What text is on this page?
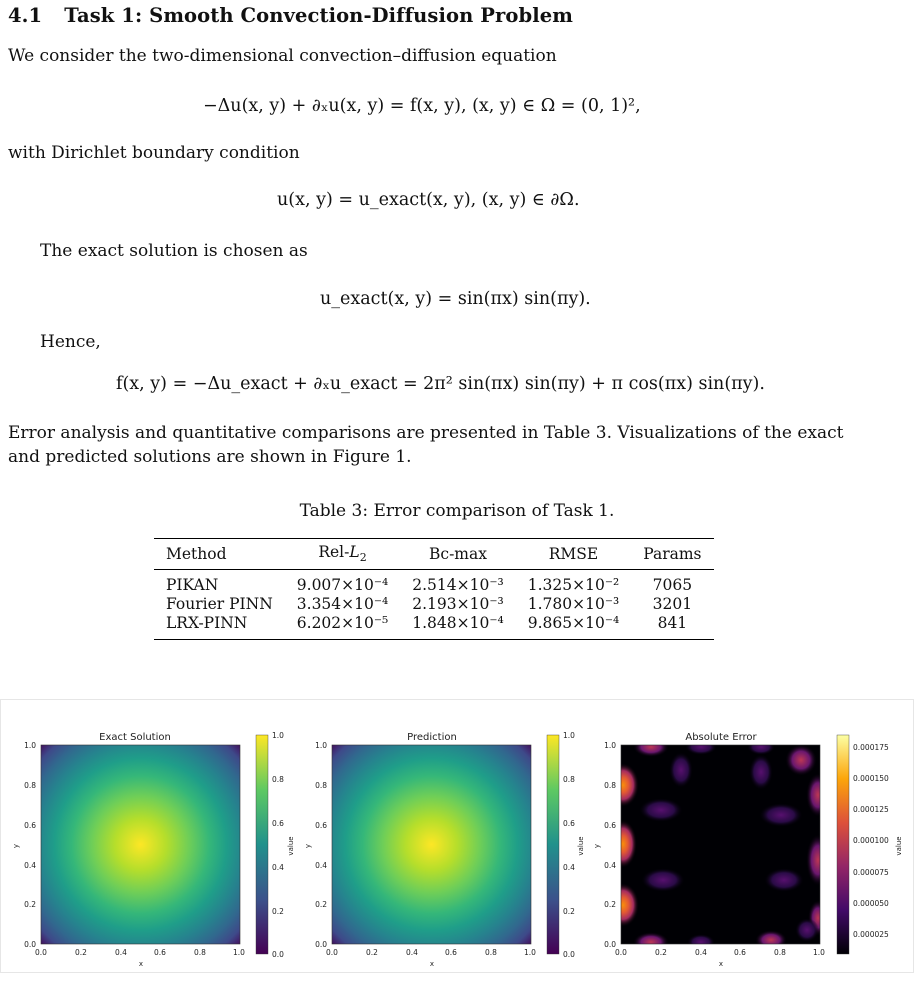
4.1 Task 1: Smooth Convection-Diffusion Problem
We consider the two-dimensional convection–diffusion equation
−Δu(x, y) + ∂ₓu(x, y) = f(x, y), (x, y) ∈ Ω = (0, 1)²,
with Dirichlet boundary condition
u(x, y) = u_exact(x, y), (x, y) ∈ ∂Ω.
The exact solution is chosen as
u_exact(x, y) = sin(πx) sin(πy).
Hence,
f(x, y) = −Δu_exact + ∂ₓu_exact = 2π² sin(πx) sin(πy) + π cos(πx) sin(πy).
Error analysis and quantitative comparisons are presented in Table 3. Visualizations of the exact
and predicted solutions are shown in Figure 1.
Table 3: Error comparison of Task 1.
Method	Rel-$L_2$	Bc-max	RMSE	Params
PIKAN	9.007×10⁻⁴	2.514×10⁻³	1.325×10⁻²	7065
Fourier PINN	3.354×10⁻⁴	2.193×10⁻³	1.780×10⁻³	3201
LRX-PINN	6.202×10⁻⁵	1.848×10⁻⁴	9.865×10⁻⁴	841
Exact Solution
0.0	0.2	0.4	0.6	0.8	1.0
x
0.0
0.2
0.4
0.6
0.8
1.0
y
1.0
0.8
0.6
0.4
0.2
0.0
value
Prediction
0.0	0.2	0.4	0.6	0.8	1.0
x
0.0
0.2
0.4
0.6
0.8
1.0
y
1.0
0.8
0.6
0.4
0.2
0.0
value
Absolute Error
0.0	0.2	0.4	0.6	0.8	1.0
x
0.0
0.2
0.4
0.6
0.8
1.0
y
0.000175
0.000150
0.000125
0.000100
0.000075
0.000050
0.000025
value
